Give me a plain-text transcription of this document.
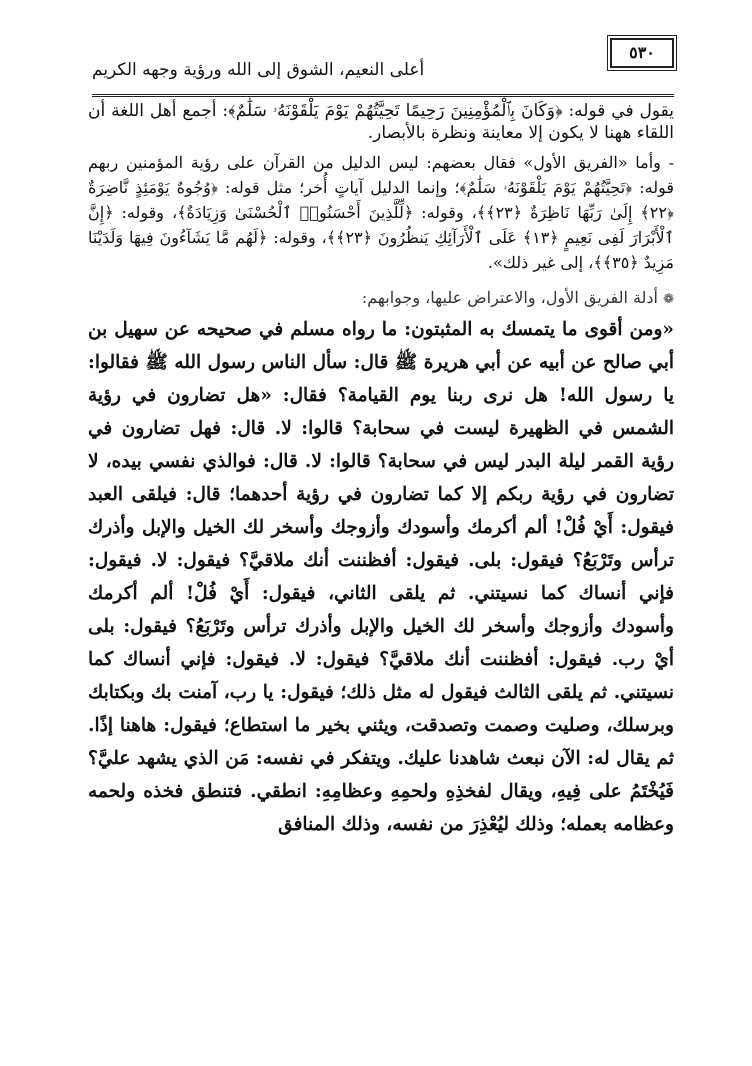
٥٣٠
أعلى النعيم، الشوق إلى الله ورؤية وجهه الكريم

يقول في قوله: ﴿وَكَانَ بِٱلْمُؤْمِنِينَ رَحِيمًا تَحِيَّتُهُمْ يَوْمَ يَلْقَوْنَهُۥ سَلَٰمٌ﴾: أجمع أهل اللغة أن اللقاء ههنا لا يكون إلا معاينة ونظرة بالأبصار.

- وأما «الفريق الأول» فقال بعضهم: ليس الدليل من القرآن على رؤية المؤمنين ربهم قوله: ﴿تَحِيَّتُهُمْ يَوْمَ يَلْقَوْنَهُۥ سَلَٰمٌ﴾؛ وإنما الدليل آياتٍ أُخر؛ مثل قوله: ﴿وُجُوهٌ يَوْمَئِذٍ نَّاضِرَةٌ ﴿٢٢﴾ إِلَىٰ رَبِّهَا نَاظِرَةٌ ﴿٢٣﴾﴾، وقوله: ﴿لِّلَّذِينَ أَحْسَنُوا۟ ٱلْحُسْنَىٰ وَزِيَادَةٌ﴾، وقوله: ﴿إِنَّ ٱلْأَبْرَارَ لَفِى نَعِيمٍ ﴿١٣﴾ عَلَى ٱلْأَرَآئِكِ يَنظُرُونَ ﴿٢٣﴾﴾، وقوله: ﴿لَهُم مَّا يَشَآءُونَ فِيهَا وَلَدَيْنَا مَزِيدٌ ﴿٣٥﴾﴾، إلى غير ذلك».

❁ أدلة الفريق الأول، والاعتراض عليها، وجوابهم:

«ومن أقوى ما يتمسك به المثبتون: ما رواه مسلم في صحيحه عن سهيل بن أبي صالح عن أبيه عن أبي هريرة ﷺ قال: سأل الناس رسول الله ﷺ فقالوا: يا رسول الله! هل نرى ربنا يوم القيامة؟ فقال: «هل تضارون في رؤية الشمس في الظهيرة ليست في سحابة؟ قالوا: لا. قال: فهل تضارون في رؤية القمر ليلة البدر ليس في سحابة؟ قالوا: لا. قال: فوالذي نفسي بيده، لا تضارون في رؤية ربكم إلا كما تضارون في رؤية أحدهما؛ قال: فيلقى العبد فيقول: أَيْ فُلْ! ألم أكرمك وأسودك وأزوجك وأسخر لك الخيل والإبل وأذرك ترأس وتَرْبَعُ؟ فيقول: بلى. فيقول: أفظننت أنك ملاقيَّ؟ فيقول: لا. فيقول: فإني أنساك كما نسيتني. ثم يلقى الثاني، فيقول: أَيْ فُلْ! ألم أكرمك وأسودك وأزوجك وأسخر لك الخيل والإبل وأذرك ترأس وتَرْبَعُ؟ فيقول: بلى أيْ رب. فيقول: أفظننت أنك ملاقيَّ؟ فيقول: لا. فيقول: فإني أنساك كما نسيتني. ثم يلقى الثالث فيقول له مثل ذلك؛ فيقول: يا رب، آمنت بك وبكتابك وبرسلك، وصليت وصمت وتصدقت، ويثني بخير ما استطاع؛ فيقول: هاهنا إذًا. ثم يقال له: الآن نبعث شاهدنا عليك. ويتفكر في نفسه: مَن الذي يشهد عليَّ؟ فَيُخْتَمُ على فِيهِ، ويقال لفخذِهِ ولحمِهِ وعظامِهِ: انطقي. فتنطق فخذه ولحمه وعظامه بعمله؛ وذلك ليُعْذِرَ من نفسه، وذلك المنافق
